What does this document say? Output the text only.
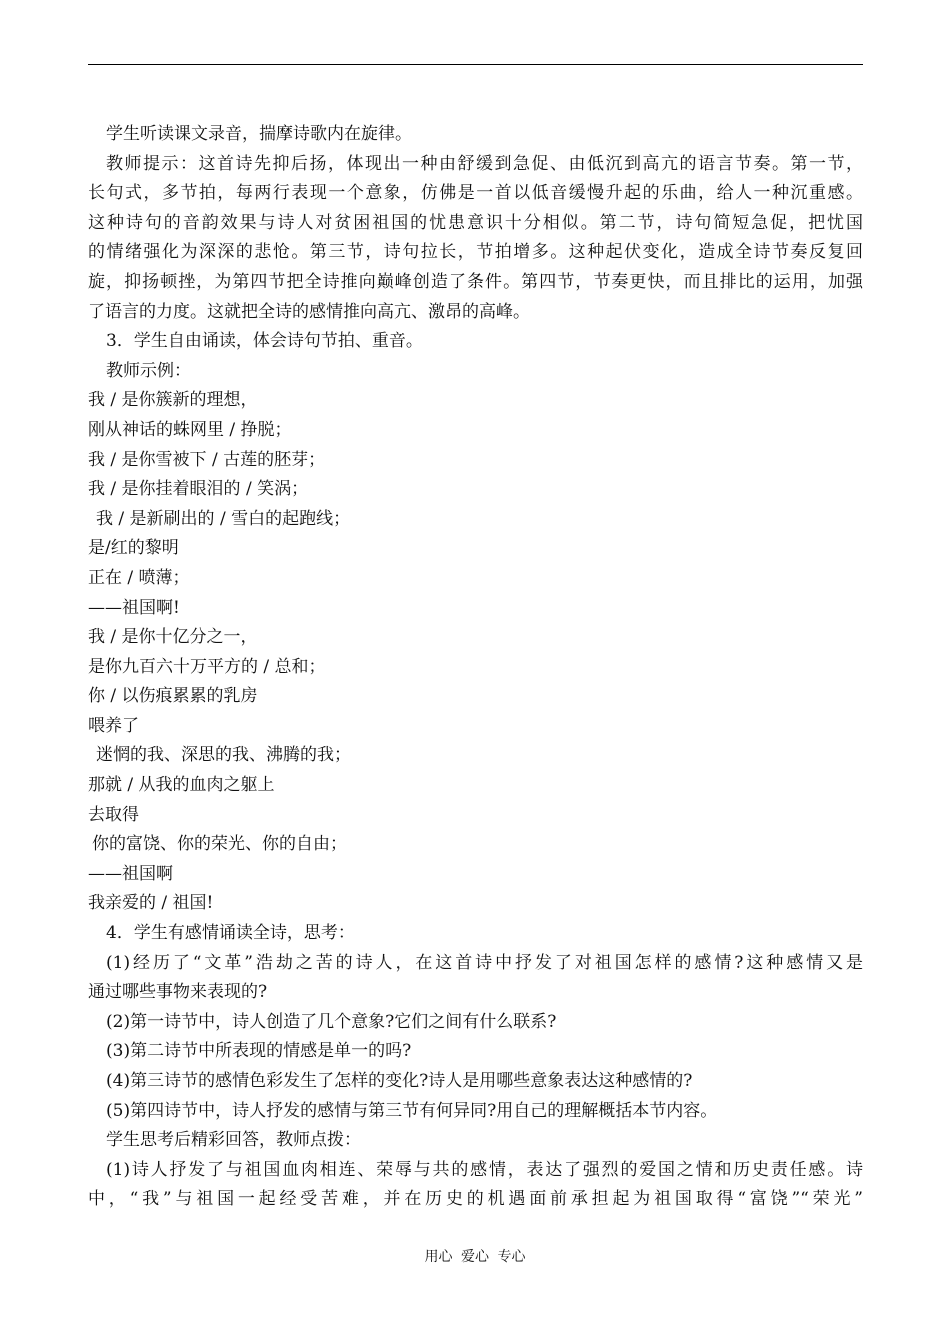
学生听读课文录音，揣摩诗歌内在旋律。
教师提示：这首诗先抑后扬，体现出一种由舒缓到急促、由低沉到高亢的语言节奏。第一节，
长句式，多节拍，每两行表现一个意象，仿佛是一首以低音缓慢升起的乐曲，给人一种沉重感。
这种诗句的音韵效果与诗人对贫困祖国的忧患意识十分相似。第二节，诗句简短急促，把忧国
的情绪强化为深深的悲怆。第三节，诗句拉长，节拍增多。这种起伏变化，造成全诗节奏反复回
旋，抑扬顿挫，为第四节把全诗推向巅峰创造了条件。第四节，节奏更快，而且排比的运用，加强
了语言的力度。这就把全诗的感情推向高亢、激昂的高峰。
3．学生自由诵读，体会诗句节拍、重音。
教师示例：
我 / 是你簇新的理想，
刚从神话的蛛网里 / 挣脱；
我 / 是你雪被下 / 古莲的胚芽；
我 / 是你挂着眼泪的 / 笑涡；
我 / 是新刷出的 / 雪白的起跑线；
是/红的黎明
正在 / 喷薄；
——祖国啊!
我 / 是你十亿分之一，
是你九百六十万平方的 / 总和；
你 / 以伤痕累累的乳房
喂养了
迷惘的我、深思的我、沸腾的我；
那就 / 从我的血肉之躯上
去取得
你的富饶、你的荣光、你的自由；
——祖国啊
我亲爱的 / 祖国!
4．学生有感情诵读全诗，思考：
(1)经历了“文革”浩劫之苦的诗人，在这首诗中抒发了对祖国怎样的感情?这种感情又是
通过哪些事物来表现的?
(2)第一诗节中，诗人创造了几个意象?它们之间有什么联系?
(3)第二诗节中所表现的情感是单一的吗?
(4)第三诗节的感情色彩发生了怎样的变化?诗人是用哪些意象表达这种感情的?
(5)第四诗节中，诗人抒发的感情与第三节有何异同?用自己的理解概括本节内容。
学生思考后精彩回答，教师点拨：
(1)诗人抒发了与祖国血肉相连、荣辱与共的感情，表达了强烈的爱国之情和历史责任感。诗
中，“我”与祖国一起经受苦难，并在历史的机遇面前承担起为祖国取得“富饶”“荣光”
用心 爱心 专心
